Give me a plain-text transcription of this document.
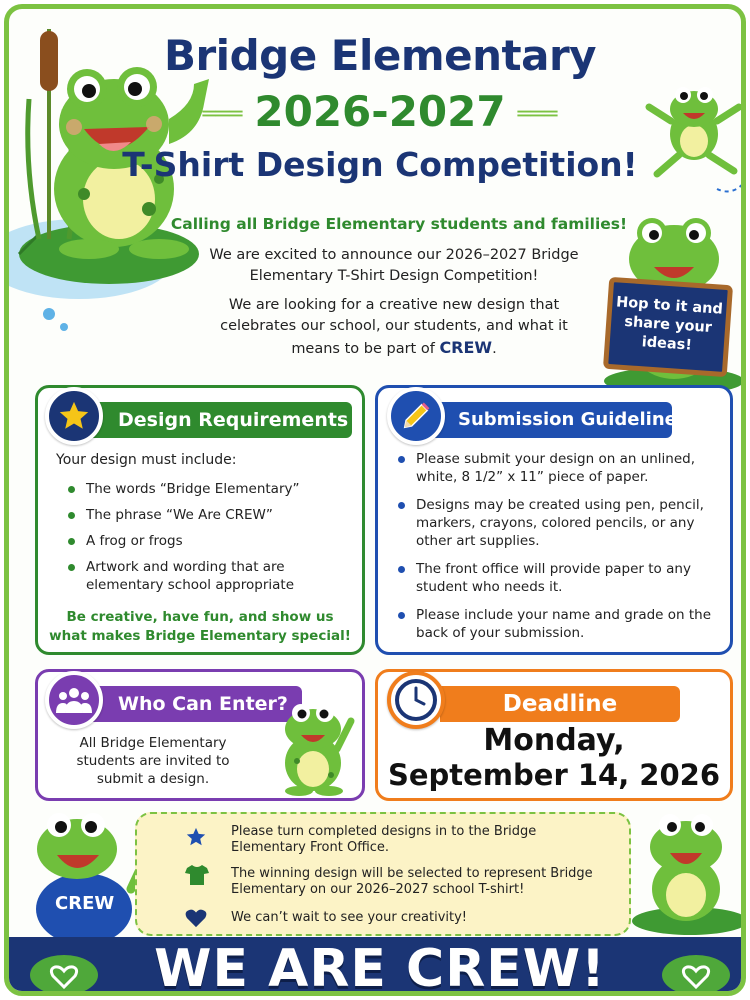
Bridge Elementary
═══ 2026-2027 ═══
T-Shirt Design Competition!
Calling all Bridge Elementary students and families!

We are excited to announce our 2026–2027 Bridge Elementary T-Shirt Design Competition!

We are looking for a creative new design that celebrates our school, our students, and what it means to be part of CREW.

Hop to it and share your ideas!
Design Requirements
Your design must include:
The words “Bridge Elementary”
The phrase “We Are CREW”
A frog or frogs
Artwork and wording that are elementary school appropriate
Be creative, have fun, and show us what makes Bridge Elementary special!
Submission Guidelines
Please submit your design on an unlined, white, 8 1/2” x 11” piece of paper.
Designs may be created using pen, pencil, markers, crayons, colored pencils, or any other art supplies.
The front office will provide paper to any student who needs it.
Please include your name and grade on the back of your submission.
Who Can Enter?
All Bridge Elementary students are invited to submit a design.
Deadline
Monday,
September 14, 2026
CREW
Please turn completed designs in to the Bridge Elementary Front Office.
The winning design will be selected to represent Bridge Elementary on our 2026–2027 school T-shirt!
We can’t wait to see your creativity!
WE ARE CREW!
